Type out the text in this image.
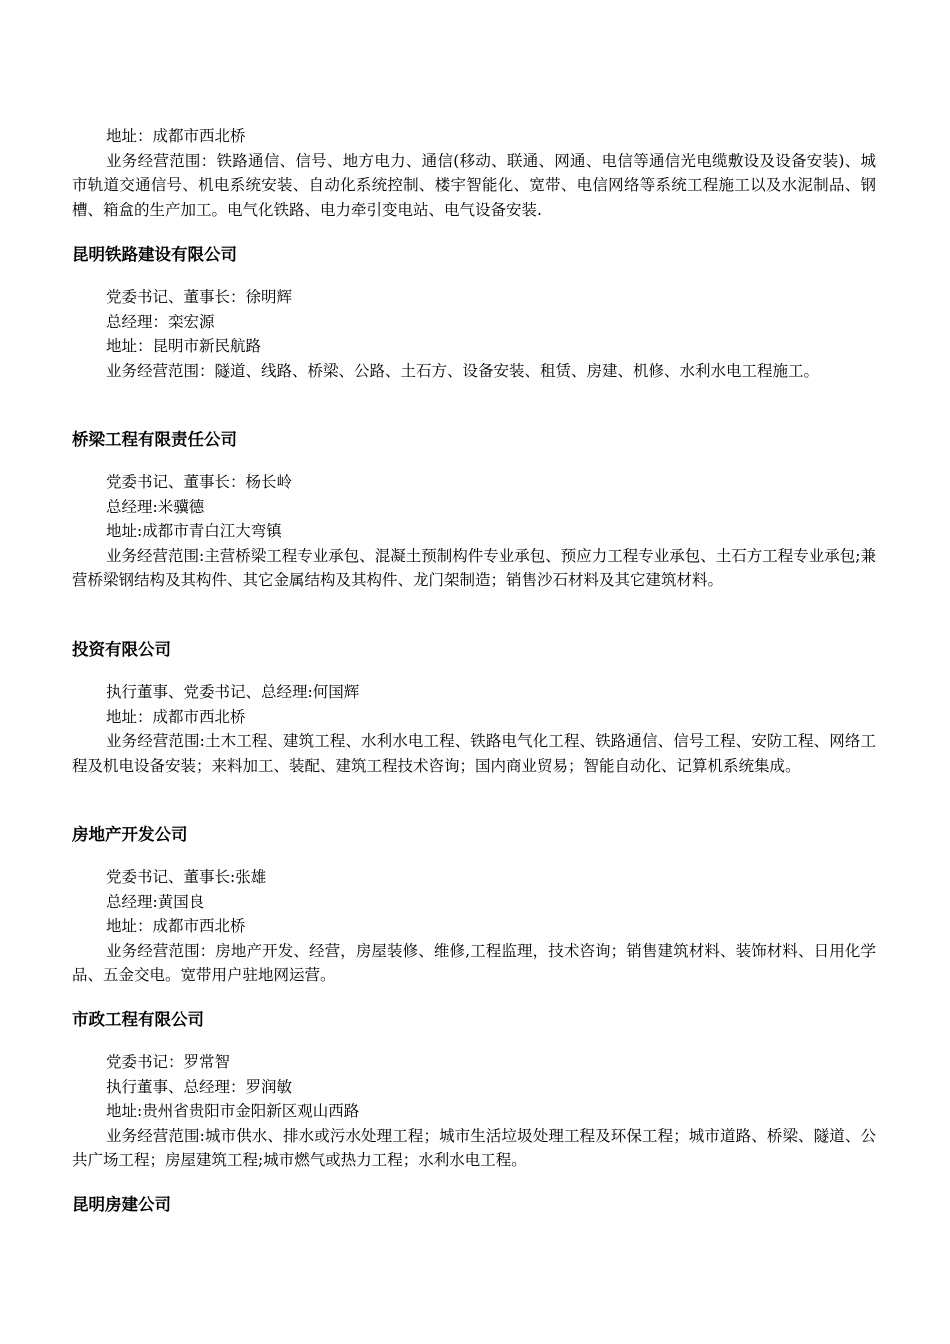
地址：成都市西北桥

业务经营范围：铁路通信、信号、地方电力、通信(移动、联通、网通、电信等通信光电缆敷设及设备安装)、城市轨道交通信号、机电系统安装、自动化系统控制、楼宇智能化、宽带、电信网络等系统工程施工以及水泥制品、钢槽、箱盒的生产加工。电气化铁路、电力牵引变电站、电气设备安装.

昆明铁路建设有限公司

党委书记、董事长：徐明辉

总经理：栾宏源

地址：昆明市新民航路

业务经营范围：隧道、线路、桥梁、公路、土石方、设备安装、租赁、房建、机修、水利水电工程施工。

桥梁工程有限责任公司

党委书记、董事长：杨长岭

总经理:米骥德

地址:成都市青白江大弯镇

业务经营范围:主营桥梁工程专业承包、混凝土预制构件专业承包、预应力工程专业承包、土石方工程专业承包;兼营桥梁钢结构及其构件、其它金属结构及其构件、龙门架制造；销售沙石材料及其它建筑材料。

投资有限公司

执行董事、党委书记、总经理:何国辉

地址：成都市西北桥

业务经营范围:土木工程、建筑工程、水利水电工程、铁路电气化工程、铁路通信、信号工程、安防工程、网络工程及机电设备安装；来料加工、装配、建筑工程技术咨询；国内商业贸易；智能自动化、记算机系统集成。

房地产开发公司

党委书记、董事长:张雄

总经理:黄国良

地址：成都市西北桥

业务经营范围：房地产开发、经营，房屋装修、维修,工程监理，技术咨询；销售建筑材料、装饰材料、日用化学品、五金交电。宽带用户驻地网运营。

市政工程有限公司

党委书记：罗常智

执行董事、总经理：罗润敏

地址:贵州省贵阳市金阳新区观山西路

业务经营范围:城市供水、排水或污水处理工程；城市生活垃圾处理工程及环保工程；城市道路、桥梁、隧道、公共广场工程；房屋建筑工程;城市燃气或热力工程；水利水电工程。

昆明房建公司
